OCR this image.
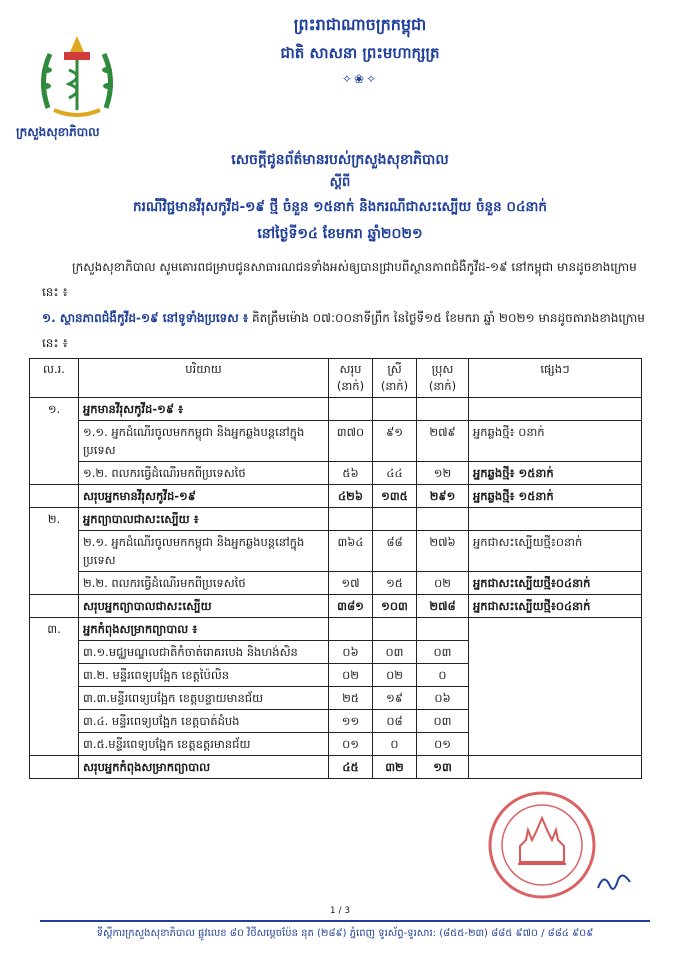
ព្រះរាជាណាចក្រកម្ពុជា
ជាតិ សាសនា ព្រះមហាក្សត្រ
✧❀✧
ក្រសួងសុខាភិបាល
សេចក្តីជូនព័ត៌មានរបស់ក្រសួងសុខាភិបាល
ស្តីពី
ករណីវិជ្ជមានវីរុសកូវីដ-១៩ ថ្មី ចំនួន ១៥នាក់ និងករណីជាសះស្បើយ ចំនួន ០៤នាក់
នៅថ្ងៃទី១៤ ខែមករា ឆ្នាំ២០២១
ក្រសួងសុខាភិបាល សូមគោរពជម្រាបជូនសាធារណជនទាំងអស់ឲ្យបានជ្រាបពីស្ថានភាពជំងឺកូវីដ-១៩ នៅកម្ពុជា មានដូចខាងក្រោមនេះ ៖
១. ស្ថានភាពជំងឺកូវីដ-១៩ នៅទូទាំងប្រទេស ៖ គិតត្រឹមម៉ោង ០៧:០០នាទីព្រឹក នៃថ្ងៃទី១៥ ខែមករា ឆ្នាំ ២០២១ មានដូចតារាងខាងក្រោមនេះ ៖
ល.រ.	បរិយាយ	សរុប (នាក់)	ស្រី (នាក់)	ប្រុស (នាក់)	ផ្សេងៗ
១.	អ្នកមានវីរុសកូវីដ-១៩ ៖				
	១.១. អ្នកដំណើរចូលមកកម្ពុជា និងអ្នកឆ្លងបន្តនៅក្នុងប្រទេស	៣៧០	៩១	២៧៩	អ្នកឆ្លងថ្មី៖ ០នាក់
	១.២. ពលករធ្វើដំណើរមកពីប្រទេសថៃ	៥៦	៤៤	១២	អ្នកឆ្លងថ្មី៖ ១៥នាក់
	សរុបអ្នកមានវីរុសកូវីដ-១៩	៤២៦	១៣៥	២៩១	អ្នកឆ្លងថ្មី៖ ១៥នាក់
២.	អ្នកព្យាបាលជាសះស្បើយ ៖				
	២.១. អ្នកដំណើរចូលមកកម្ពុជា និងអ្នកឆ្លងបន្តនៅក្នុងប្រទេស	៣៦៤	៨៨	២៧៦	អ្នកជាសះស្បើយថ្មី៖០នាក់
	២.២. ពលករធ្វើដំណើរមកពីប្រទេសថៃ	១៧	១៥	០២	អ្នកជាសះស្បើយថ្មី៖០៤នាក់
	សរុបអ្នកព្យាបាលជាសះស្បើយ	៣៨១	១០៣	២៧៨	អ្នកជាសះស្បើយថ្មី៖០៤នាក់
៣.	អ្នកកំពុងសម្រាកព្យាបាល ៖				
	៣.១.មជ្ឈមណ្ឌលជាតិកំចាត់រោគរបេង និងហង់សិន	០៦	០៣	០៣	
	៣.២. មន្ទីរពេទ្យបង្អែក ខេត្តប៉ៃលិន	០២	០២	០	
	៣.៣.មន្ទីរពេទ្យបង្អែក ខេត្តបន្ទាយមានជ័យ	២៥	១៩	០៦	
	៣.៤. មន្ទីរពេទ្យបង្អែក ខេត្តបាត់ដំបង	១១	០៨	០៣	
	៣.៥.មន្ទីរពេទ្យបង្អែក ខេត្តឧត្តរមានជ័យ	០១	០	០១	
	សរុបអ្នកកំពុងសម្រាកព្យាបាល	៤៥	៣២	១៣	
1 / 3
ទីស្តីការក្រសួងសុខាភិបាល ផ្លូវលេខ ៨០ វិថីសម្តេចប៉ែន នុត (២៨៩) ភ្នំពេញ ទូរស័ព្ទ-ទូរសារ: (៨៥៥-២៣) ៨៨៥ ៩៧០ / ៨៨៤ ៩០៩
